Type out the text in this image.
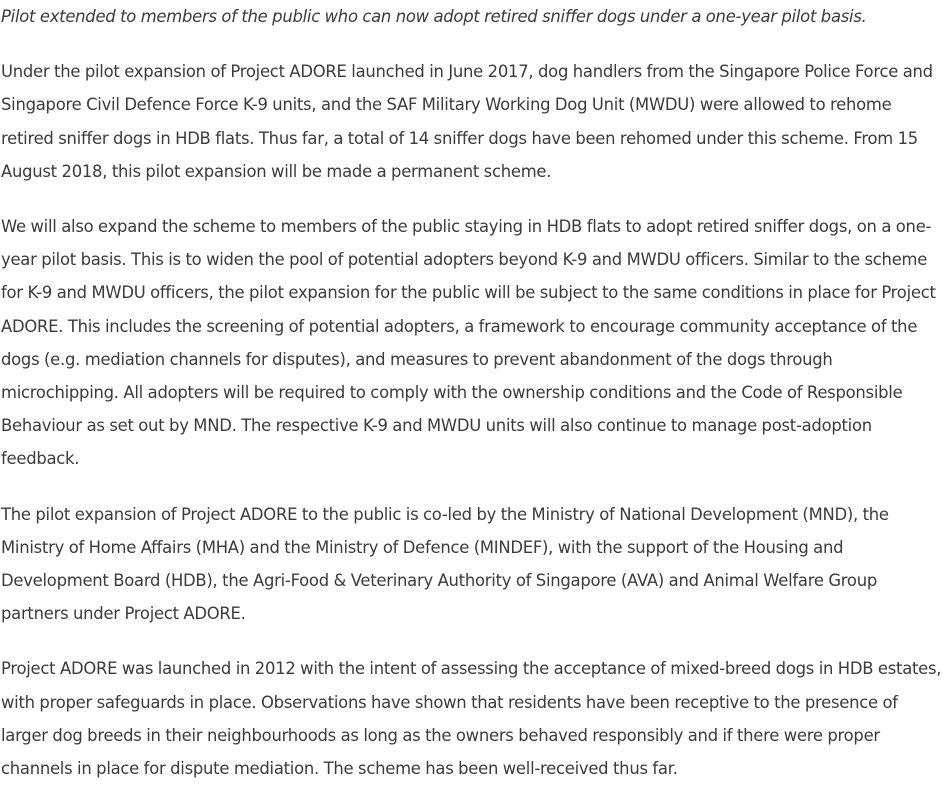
Pilot extended to members of the public who can now adopt retired sniffer dogs under a one-year pilot basis.

Under the pilot expansion of Project ADORE launched in June 2017, dog handlers from the Singapore Police Force and Singapore Civil Defence Force K-9 units, and the SAF Military Working Dog Unit (MWDU) were allowed to rehome retired sniffer dogs in HDB flats. Thus far, a total of 14 sniffer dogs have been rehomed under this scheme. From 15 August 2018, this pilot expansion will be made a permanent scheme.

We will also expand the scheme to members of the public staying in HDB flats to adopt retired sniffer dogs, on a one-year pilot basis. This is to widen the pool of potential adopters beyond K-9 and MWDU officers. Similar to the scheme for K-9 and MWDU officers, the pilot expansion for the public will be subject to the same conditions in place for Project ADORE. This includes the screening of potential adopters, a framework to encourage community acceptance of the dogs (e.g. mediation channels for disputes), and measures to prevent abandonment of the dogs through microchipping. All adopters will be required to comply with the ownership conditions and the Code of Responsible Behaviour as set out by MND. The respective K-9 and MWDU units will also continue to manage post-adoption feedback.

The pilot expansion of Project ADORE to the public is co-led by the Ministry of National Development (MND), the Ministry of Home Affairs (MHA) and the Ministry of Defence (MINDEF), with the support of the Housing and Development Board (HDB), the Agri-Food & Veterinary Authority of Singapore (AVA) and Animal Welfare Group partners under Project ADORE.

Project ADORE was launched in 2012 with the intent of assessing the acceptance of mixed-breed dogs in HDB estates, with proper safeguards in place. Observations have shown that residents have been receptive to the presence of larger dog breeds in their neighbourhoods as long as the owners behaved responsibly and if there were proper channels in place for dispute mediation. The scheme has been well-received thus far.
